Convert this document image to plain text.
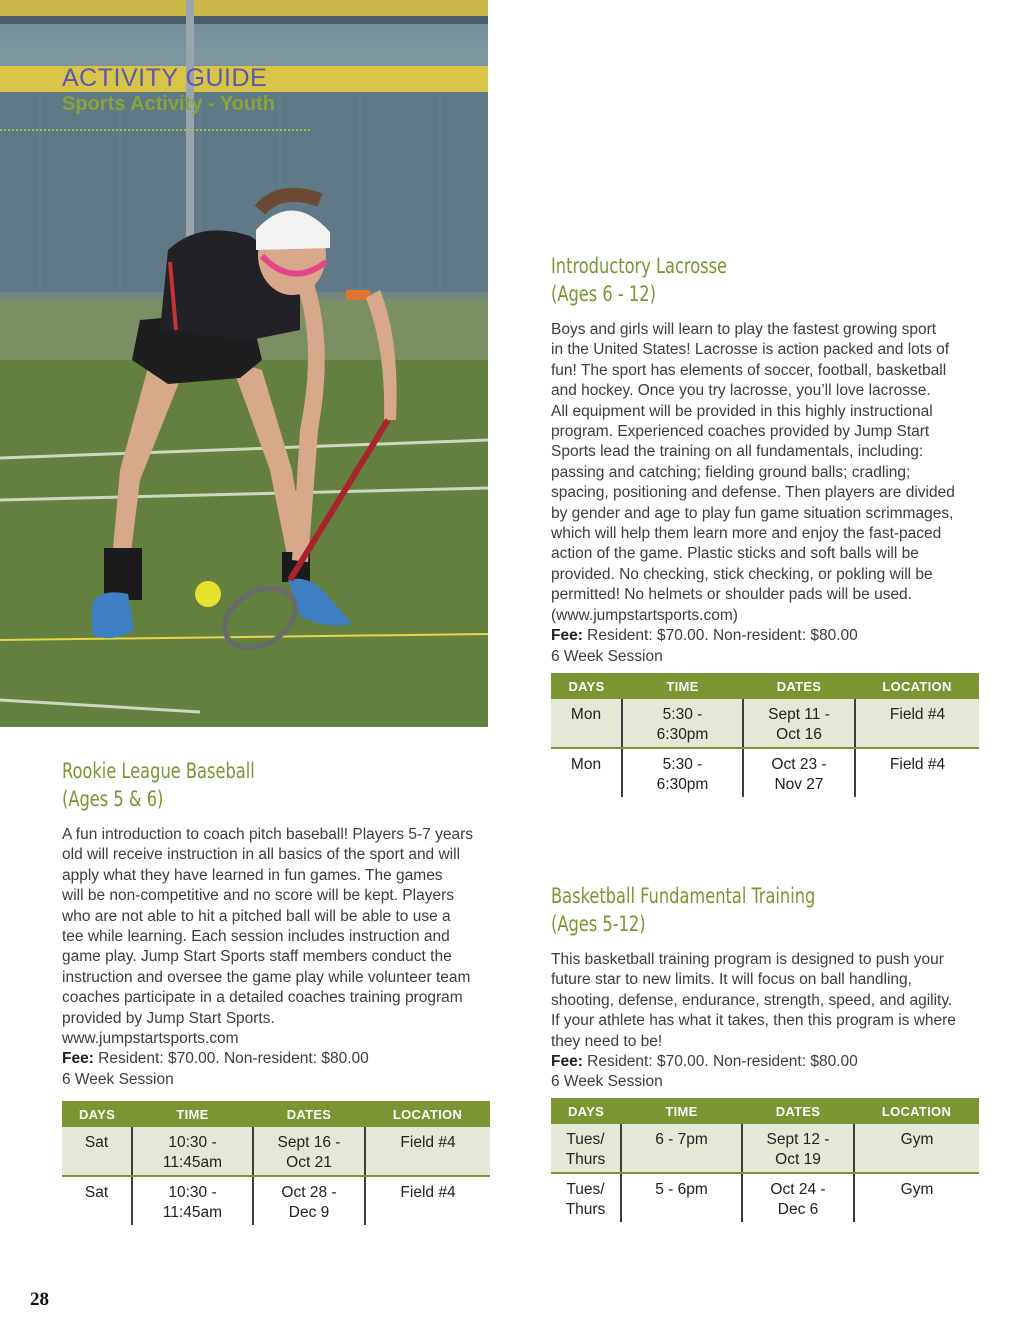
ACTIVITY GUIDE
Sports Activity - Youth
Introductory Lacrosse
(Ages 6 - 12)

Boys and girls will learn to play the fastest growing sport

in the United States! Lacrosse is action packed and lots of

fun! The sport has elements of soccer, football, basketball

and hockey. Once you try lacrosse, you’ll love lacrosse.

All equipment will be provided in this highly instructional

program. Experienced coaches provided by Jump Start

Sports lead the training on all fundamentals, including:

passing and catching; fielding ground balls; cradling;

spacing, positioning and defense. Then players are divided

by gender and age to play fun game situation scrimmages,

which will help them learn more and enjoy the fast-paced

action of the game. Plastic sticks and soft balls will be

provided. No checking, stick checking, or pokling will be

permitted! No helmets or shoulder pads will be used.

(www.jumpstartsports.com)

Fee: Resident: $70.00. Non-resident: $80.00

6 Week Session

DAYS	TIME	DATES	LOCATION

Mon	5:30 -
6:30pm	Sept 11 -
Oct 16	Field #4

Mon	5:30 -
6:30pm	Oct 23 -
Nov 27	Field #4
Rookie League Baseball
(Ages 5 & 6)

A fun introduction to coach pitch baseball! Players 5-7 years

old will receive instruction in all basics of the sport and will

apply what they have learned in fun games. The games

will be non-competitive and no score will be kept. Players

who are not able to hit a pitched ball will be able to use a

tee while learning. Each session includes instruction and

game play. Jump Start Sports staff members conduct the

instruction and oversee the game play while volunteer team

coaches participate in a detailed coaches training program

provided by Jump Start Sports.

www.jumpstartsports.com

Fee: Resident: $70.00. Non-resident: $80.00

6 Week Session

DAYS	TIME	DATES	LOCATION

Sat	10:30 -
11:45am	Sept 16 -
Oct 21	Field #4

Sat	10:30 -
11:45am	Oct 28 -
Dec 9	Field #4
Basketball Fundamental Training
(Ages 5-12)

This basketball training program is designed to push your

future star to new limits. It will focus on ball handling,

shooting, defense, endurance, strength, speed, and agility.

If your athlete has what it takes, then this program is where

they need to be!

Fee: Resident: $70.00. Non-resident: $80.00

6 Week Session

DAYS	TIME	DATES	LOCATION

Tues/
Thurs	6 - 7pm	Sept 12 -
Oct 19	Gym

Tues/
Thurs	5 - 6pm	Oct 24 -
Dec 6	Gym
28
